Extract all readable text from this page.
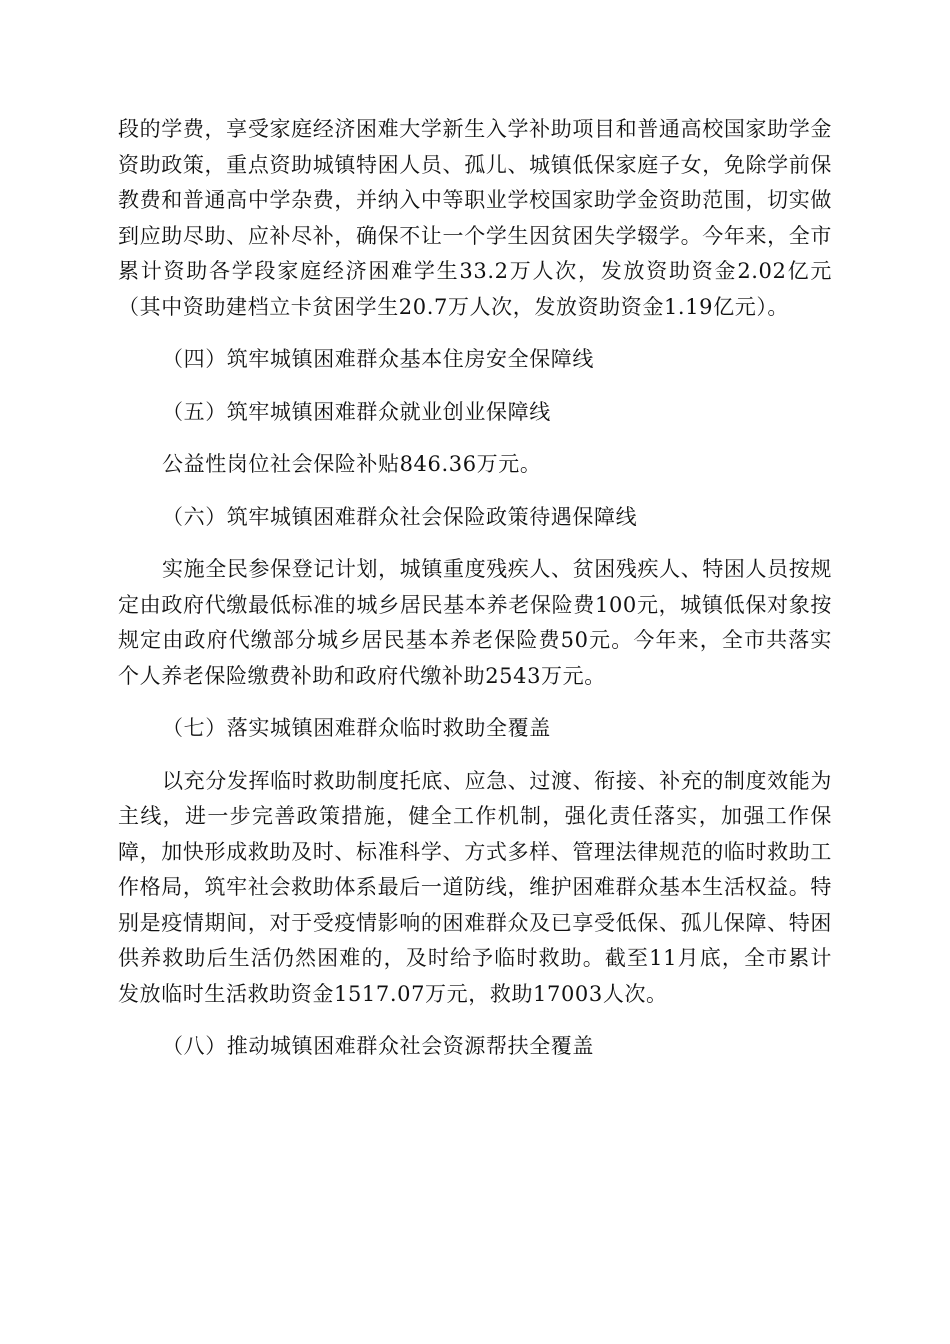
段的学费，享受家庭经济困难大学新生入学补助项目和普通高校国家助学金资助政策，重点资助城镇特困人员、孤儿、城镇低保家庭子女，免除学前保教费和普通高中学杂费，并纳入中等职业学校国家助学金资助范围，切实做到应助尽助、应补尽补，确保不让一个学生因贫困失学辍学。今年来，全市累计资助各学段家庭经济困难学生33.2万人次，发放资助资金2.02亿元（其中资助建档立卡贫困学生20.7万人次，发放资助资金1.19亿元）。

（四）筑牢城镇困难群众基本住房安全保障线

（五）筑牢城镇困难群众就业创业保障线

公益性岗位社会保险补贴846.36万元。

（六）筑牢城镇困难群众社会保险政策待遇保障线

实施全民参保登记计划，城镇重度残疾人、贫困残疾人、特困人员按规定由政府代缴最低标准的城乡居民基本养老保险费100元，城镇低保对象按规定由政府代缴部分城乡居民基本养老保险费50元。今年来，全市共落实个人养老保险缴费补助和政府代缴补助2543万元。

（七）落实城镇困难群众临时救助全覆盖

以充分发挥临时救助制度托底、应急、过渡、衔接、补充的制度效能为主线，进一步完善政策措施，健全工作机制，强化责任落实，加强工作保障，加快形成救助及时、标准科学、方式多样、管理法律规范的临时救助工作格局，筑牢社会救助体系最后一道防线，维护困难群众基本生活权益。特别是疫情期间，对于受疫情影响的困难群众及已享受低保、孤儿保障、特困供养救助后生活仍然困难的，及时给予临时救助。截至11月底，全市累计发放临时生活救助资金1517.07万元，救助17003人次。

（八）推动城镇困难群众社会资源帮扶全覆盖
